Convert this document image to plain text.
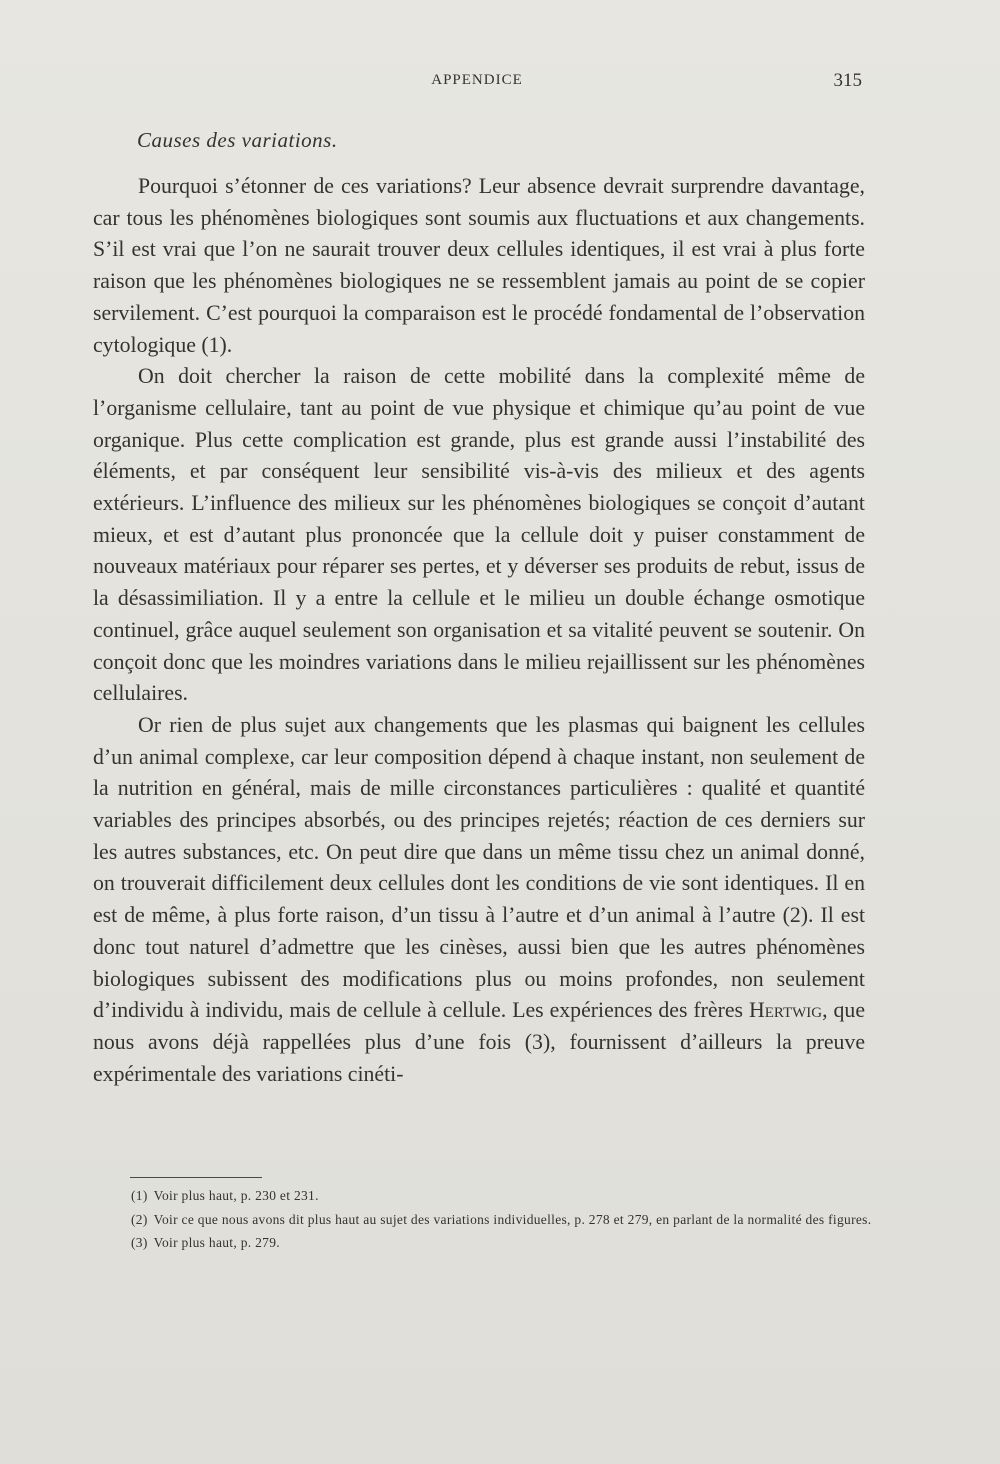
APPENDICE	315
Causes des variations.

Pourquoi s’étonner de ces variations? Leur absence devrait surprendre davantage, car tous les phénomènes biologiques sont soumis aux fluctuations et aux changements. S’il est vrai que l’on ne saurait trouver deux cellules identiques, il est vrai à plus forte raison que les phénomènes biologiques ne se ressemblent jamais au point de se copier servilement. C’est pourquoi la comparaison est le procédé fondamental de l’observation cytologique (1).

On doit chercher la raison de cette mobilité dans la complexité même de l’organisme cellulaire, tant au point de vue physique et chimique qu’au point de vue organique. Plus cette complication est grande, plus est grande aussi l’instabilité des éléments, et par conséquent leur sensibilité vis-à-vis des milieux et des agents extérieurs. L’influence des milieux sur les phénomènes biologiques se conçoit d’autant mieux, et est d’autant plus prononcée que la cellule doit y puiser constamment de nouveaux matériaux pour réparer ses pertes, et y déverser ses produits de rebut, issus de la désassimiliation. Il y a entre la cellule et le milieu un double échange osmotique continuel, grâce auquel seulement son organisation et sa vitalité peuvent se soutenir. On conçoit donc que les moindres variations dans le milieu rejaillissent sur les phénomènes cellulaires.

Or rien de plus sujet aux changements que les plasmas qui baignent les cellules d’un animal complexe, car leur composition dépend à chaque instant, non seulement de la nutrition en général, mais de mille circonstances particulières : qualité et quantité variables des principes absorbés, ou des principes rejetés; réaction de ces derniers sur les autres substances, etc. On peut dire que dans un même tissu chez un animal donné, on trouverait difficilement deux cellules dont les conditions de vie sont identiques. Il en est de même, à plus forte raison, d’un tissu à l’autre et d’un animal à l’autre (2). Il est donc tout naturel d’admettre que les cinèses, aussi bien que les autres phénomènes biologiques subissent des modifications plus ou moins profondes, non seulement d’individu à individu, mais de cellule à cellule. Les expériences des frères Hertwig, que nous avons déjà rappellées plus d’une fois (3), fournissent d’ailleurs la preuve expérimentale des variations cinéti-

(1) Voir plus haut, p. 230 et 231.

(2) Voir ce que nous avons dit plus haut au sujet des variations individuelles, p. 278 et 279, en parlant de la normalité des figures.

(3) Voir plus haut, p. 279.
